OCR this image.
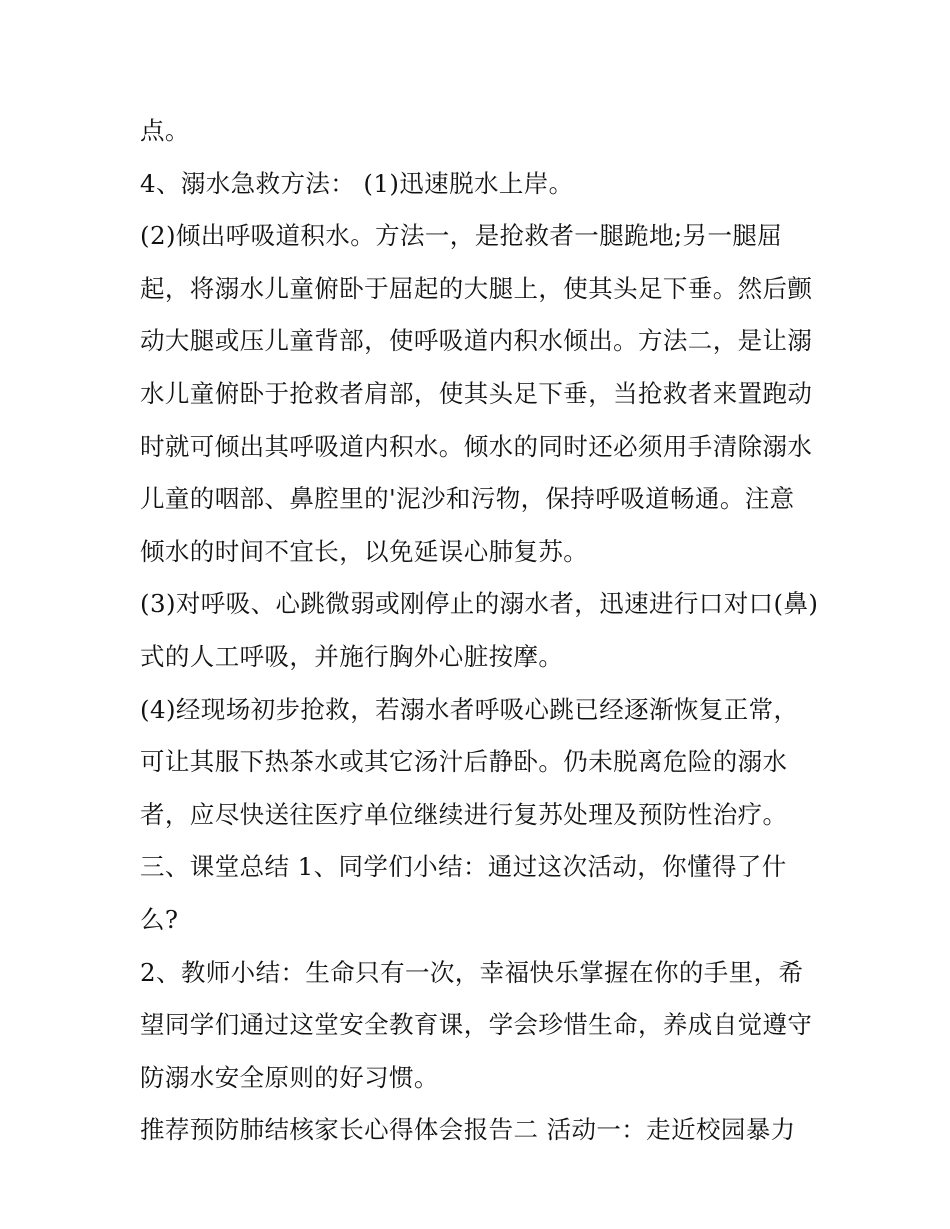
点。
4、溺水急救方法： (1)迅速脱水上岸。
(2)倾出呼吸道积水。方法一，是抢救者一腿跪地;另一腿屈
起，将溺水儿童俯卧于屈起的大腿上，使其头足下垂。然后颤
动大腿或压儿童背部，使呼吸道内积水倾出。方法二，是让溺
水儿童俯卧于抢救者肩部，使其头足下垂，当抢救者来置跑动
时就可倾出其呼吸道内积水。倾水的同时还必须用手清除溺水
儿童的咽部、鼻腔里的'泥沙和污物，保持呼吸道畅通。注意
倾水的时间不宜长，以免延误心肺复苏。
(3)对呼吸、心跳微弱或刚停止的溺水者，迅速进行口对口(鼻)
式的人工呼吸，并施行胸外心脏按摩。
(4)经现场初步抢救，若溺水者呼吸心跳已经逐渐恢复正常，
可让其服下热茶水或其它汤汁后静卧。仍未脱离危险的溺水
者，应尽快送往医疗单位继续进行复苏处理及预防性治疗。
三、课堂总结 1、同学们小结：通过这次活动，你懂得了什
么?
2、教师小结：生命只有一次，幸福快乐掌握在你的手里，希
望同学们通过这堂安全教育课，学会珍惜生命，养成自觉遵守
防溺水安全原则的好习惯。
推荐预防肺结核家长心得体会报告二 活动一：走近校园暴力
